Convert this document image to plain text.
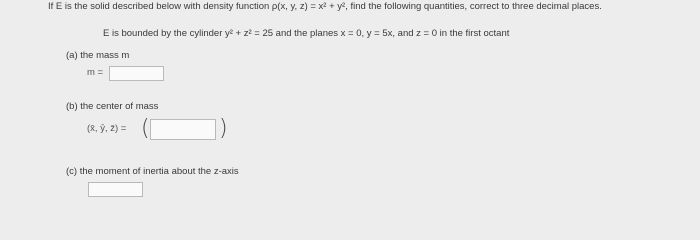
If E is the solid described below with density function ρ(x, y, z) = x² + y², find the following quantities, correct to three decimal places.
E is bounded by the cylinder y² + z² = 25 and the planes x = 0, y = 5x, and z = 0 in the first octant
(a) the mass m
m =
(b) the center of mass
(x̄, ȳ, z̄) = (	)
(c) the moment of inertia about the z-axis
